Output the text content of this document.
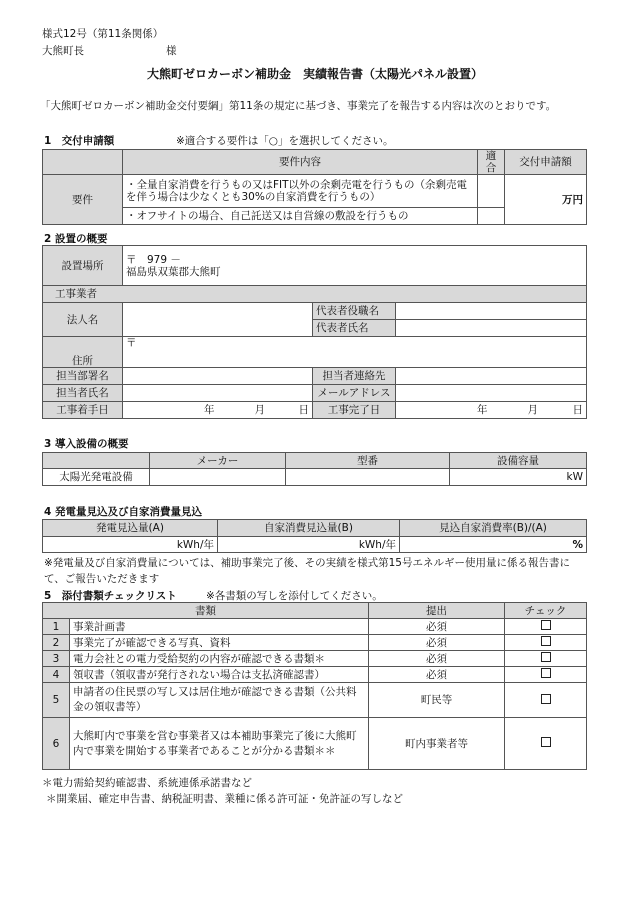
様式12号（第11条関係）
大熊町長	様
大熊町ゼロカーボン補助金　実績報告書（太陽光パネル設置）
「大熊町ゼロカーボン補助金交付要綱」第11条の規定に基づき、事業完了を報告する内容は次のとおりです。
1　交付申請額	※適合する要件は「○」を選択してください。
	要件内容	適合	交付申請額
要件	・全量自家消費を行うもの又はFIT以外の余剰売電を行うもの（余剰売電を伴う場合は少なくとも30%の自家消費を行うもの）		万円
	・オフサイトの場合、自己託送又は自営線の敷設を行うもの		
2 設置の概要
設置場所	〒　979 －
福島県双葉郡大熊町		

工事業者			
法人名		代表者役職名	
		代表者氏名	
住所	〒		
担当部署名		担当者連絡先	
担当者氏名		メールアドレス	
工事着手日	年 月 日	工事完了日	年 月 日
3 導入設備の概要
	メーカー	型番	設備容量
太陽光発電設備			kW
4 発電量見込及び自家消費量見込
発電見込量(A)	自家消費見込量(B)	見込自家消費率(B)/(A)
kWh/年	kWh/年	%
※発電量及び自家消費量については、補助事業完了後、その実績を様式第15号エネルギー使用量に係る報告書にて、ご報告いただきます
5　添付書類チェックリスト	※各書類の写しを添付してください。
書類		提出	チェック
1	事業計画書	必須	
2	事業完了が確認できる写真、資料	必須	
3	電力会社との電力受給契約の内容が確認できる書類＊	必須	
4	領収書（領収書が発行されない場合は支払済確認書）	必須	
5	申請者の住民票の写し又は居住地が確認できる書類（公共料金の領収書等）	町民等	
6	大熊町内で事業を営む事業者又は本補助事業完了後に大熊町内で事業を開始する事業者であることが分かる書類＊＊	町内事業者等	
＊電力需給契約確認書、系統連係承諾書など
＊開業届、確定申告書、納税証明書、業種に係る許可証・免許証の写しなど
